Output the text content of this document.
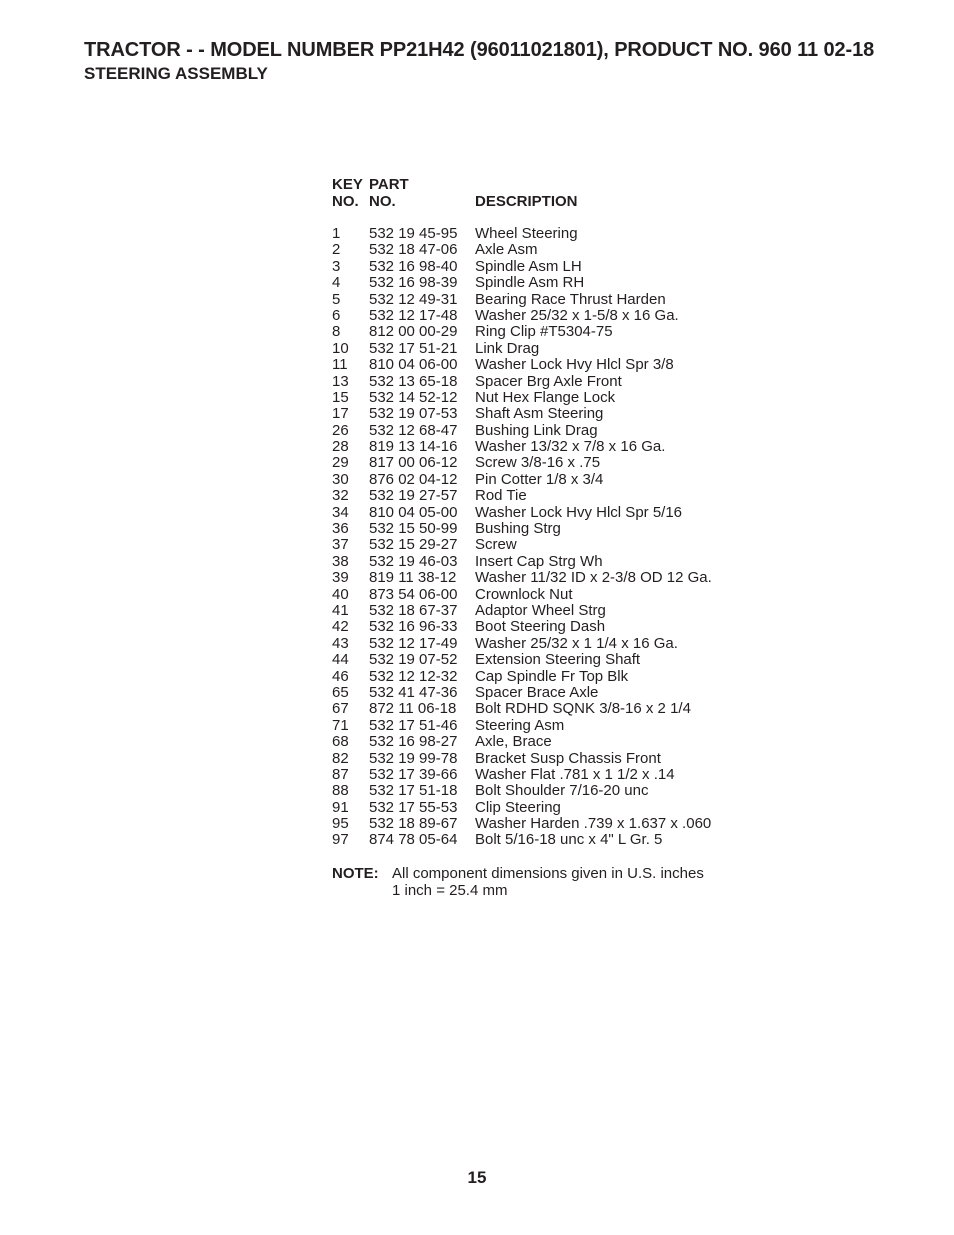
TRACTOR - - MODEL NUMBER PP21H42 (96011021801), PRODUCT NO. 960 11 02-18
STEERING ASSEMBLY
KEY
NO.
PART
NO.	DESCRIPTION
1 532 19 45-95 Wheel Steering
2 532 18 47-06 Axle Asm
3 532 16 98-40 Spindle Asm LH
4 532 16 98-39 Spindle Asm RH
5 532 12 49-31 Bearing Race Thrust Harden
6 532 12 17-48 Washer 25/32 x 1-5/8 x 16 Ga.
8 812 00 00-29 Ring Clip #T5304-75
10 532 17 51-21 Link Drag
11 810 04 06-00 Washer Lock Hvy Hlcl Spr 3/8
13 532 13 65-18 Spacer Brg Axle Front
15 532 14 52-12 Nut Hex Flange Lock
17 532 19 07-53 Shaft Asm Steering
26 532 12 68-47 Bushing Link Drag
28 819 13 14-16 Washer 13/32 x 7/8 x 16 Ga.
29 817 00 06-12 Screw 3/8-16 x .75
30 876 02 04-12 Pin Cotter 1/8 x 3/4
32 532 19 27-57 Rod Tie
34 810 04 05-00 Washer Lock Hvy Hlcl Spr 5/16
36 532 15 50-99 Bushing Strg
37 532 15 29-27 Screw
38 532 19 46-03 Insert Cap Strg Wh
39 819 11 38-12 Washer 11/32 ID x 2-3/8 OD 12 Ga.
40 873 54 06-00 Crownlock Nut
41 532 18 67-37 Adaptor Wheel Strg
42 532 16 96-33 Boot Steering Dash
43 532 12 17-49 Washer 25/32 x 1 1/4 x 16 Ga.
44 532 19 07-52 Extension Steering Shaft
46 532 12 12-32 Cap Spindle Fr Top Blk
65 532 41 47-36 Spacer Brace Axle
67 872 11 06-18 Bolt RDHD SQNK 3/8-16 x 2 1/4
71 532 17 51-46 Steering Asm
68 532 16 98-27 Axle, Brace
82 532 19 99-78 Bracket Susp Chassis Front
87 532 17 39-66 Washer Flat .781 x 1 1/2 x .14
88 532 17 51-18 Bolt Shoulder 7/16-20 unc
91 532 17 55-53 Clip Steering
95 532 18 89-67 Washer Harden .739 x 1.637 x .060
97 874 78 05-64 Bolt 5/16-18 unc x 4" L Gr. 5
NOTE: All component dimensions given in U.S. inches
1 inch = 25.4 mm
15
